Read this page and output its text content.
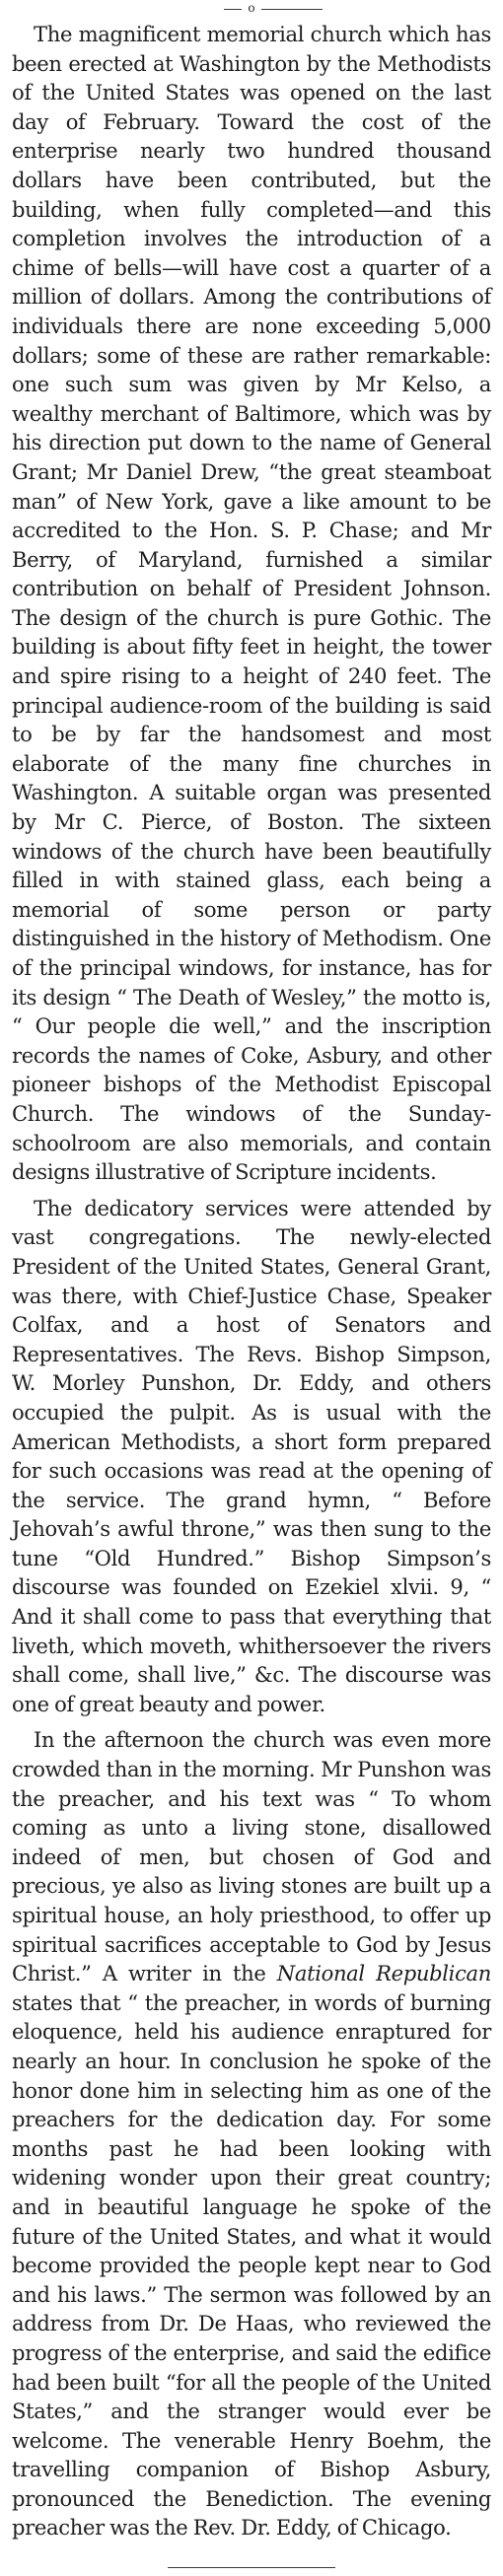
o

The magnificent memorial church which has been erected at Washington by the Methodists of the United States was opened on the last day of February. Toward the cost of the enterprise nearly two hundred thousand dollars have been contributed, but the building, when fully completed—and this completion involves the introduction of a chime of bells—will have cost a quarter of a million of dollars. Among the contributions of individuals there are none exceeding 5,000 dollars; some of these are rather remarkable: one such sum was given by Mr Kelso, a wealthy merchant of Baltimore, which was by his direction put down to the name of General Grant; Mr Daniel Drew, “the great steamboat man” of New York, gave a like amount to be accredited to the Hon. S. P. Chase; and Mr Berry, of Maryland, furnished a similar contribution on behalf of President Johnson. The design of the church is pure Gothic. The building is about fifty feet in height, the tower and spire rising to a height of 240 feet. The principal audience-room of the building is said to be by far the handsomest and most elaborate of the many fine churches in Washington. A suitable organ was presented by Mr C. Pierce, of Boston. The sixteen windows of the church have been beautifully filled in with stained glass, each being a memorial of some person or party distinguished in the history of Methodism. One of the principal windows, for instance, has for its design “ The Death of Wesley,” the motto is, “ Our people die well,” and the inscription records the names of Coke, Asbury, and other pioneer bishops of the Methodist Episcopal Church. The windows of the Sunday-schoolroom are also memorials, and contain designs illustrative of Scripture incidents.

The dedicatory services were attended by vast congregations. The newly-elected President of the United States, General Grant, was there, with Chief-Justice Chase, Speaker Colfax, and a host of Senators and Representatives. The Revs. Bishop Simpson, W. Morley Punshon, Dr. Eddy, and others occupied the pulpit. As is usual with the American Methodists, a short form prepared for such occasions was read at the opening of the service. The grand hymn, “ Before Jehovah’s awful throne,” was then sung to the tune “Old Hundred.” Bishop Simpson’s discourse was founded on Ezekiel xlvii. 9, “ And it shall come to pass that everything that liveth, which moveth, whithersoever the rivers shall come, shall live,” &c. The discourse was one of great beauty and power.

In the afternoon the church was even more crowded than in the morning. Mr Punshon was the preacher, and his text was “ To whom coming as unto a living stone, disallowed indeed of men, but chosen of God and precious, ye also as living stones are built up a spiritual house, an holy priesthood, to offer up spiritual sacrifices acceptable to God by Jesus Christ.” A writer in the National Republican states that “ the preacher, in words of burning eloquence, held his audience enraptured for nearly an hour. In conclusion he spoke of the honor done him in selecting him as one of the preachers for the dedication day. For some months past he had been looking with widening wonder upon their great country; and in beautiful language he spoke of the future of the United States, and what it would become provided the people kept near to God and his laws.” The sermon was followed by an address from Dr. De Haas, who reviewed the progress of the enterprise, and said the edifice had been built “for all the people of the United States,” and the stranger would ever be welcome. The venerable Henry Boehm, the travelling companion of Bishop Asbury, pronounced the Benediction. The evening preacher was the Rev. Dr. Eddy, of Chicago.
